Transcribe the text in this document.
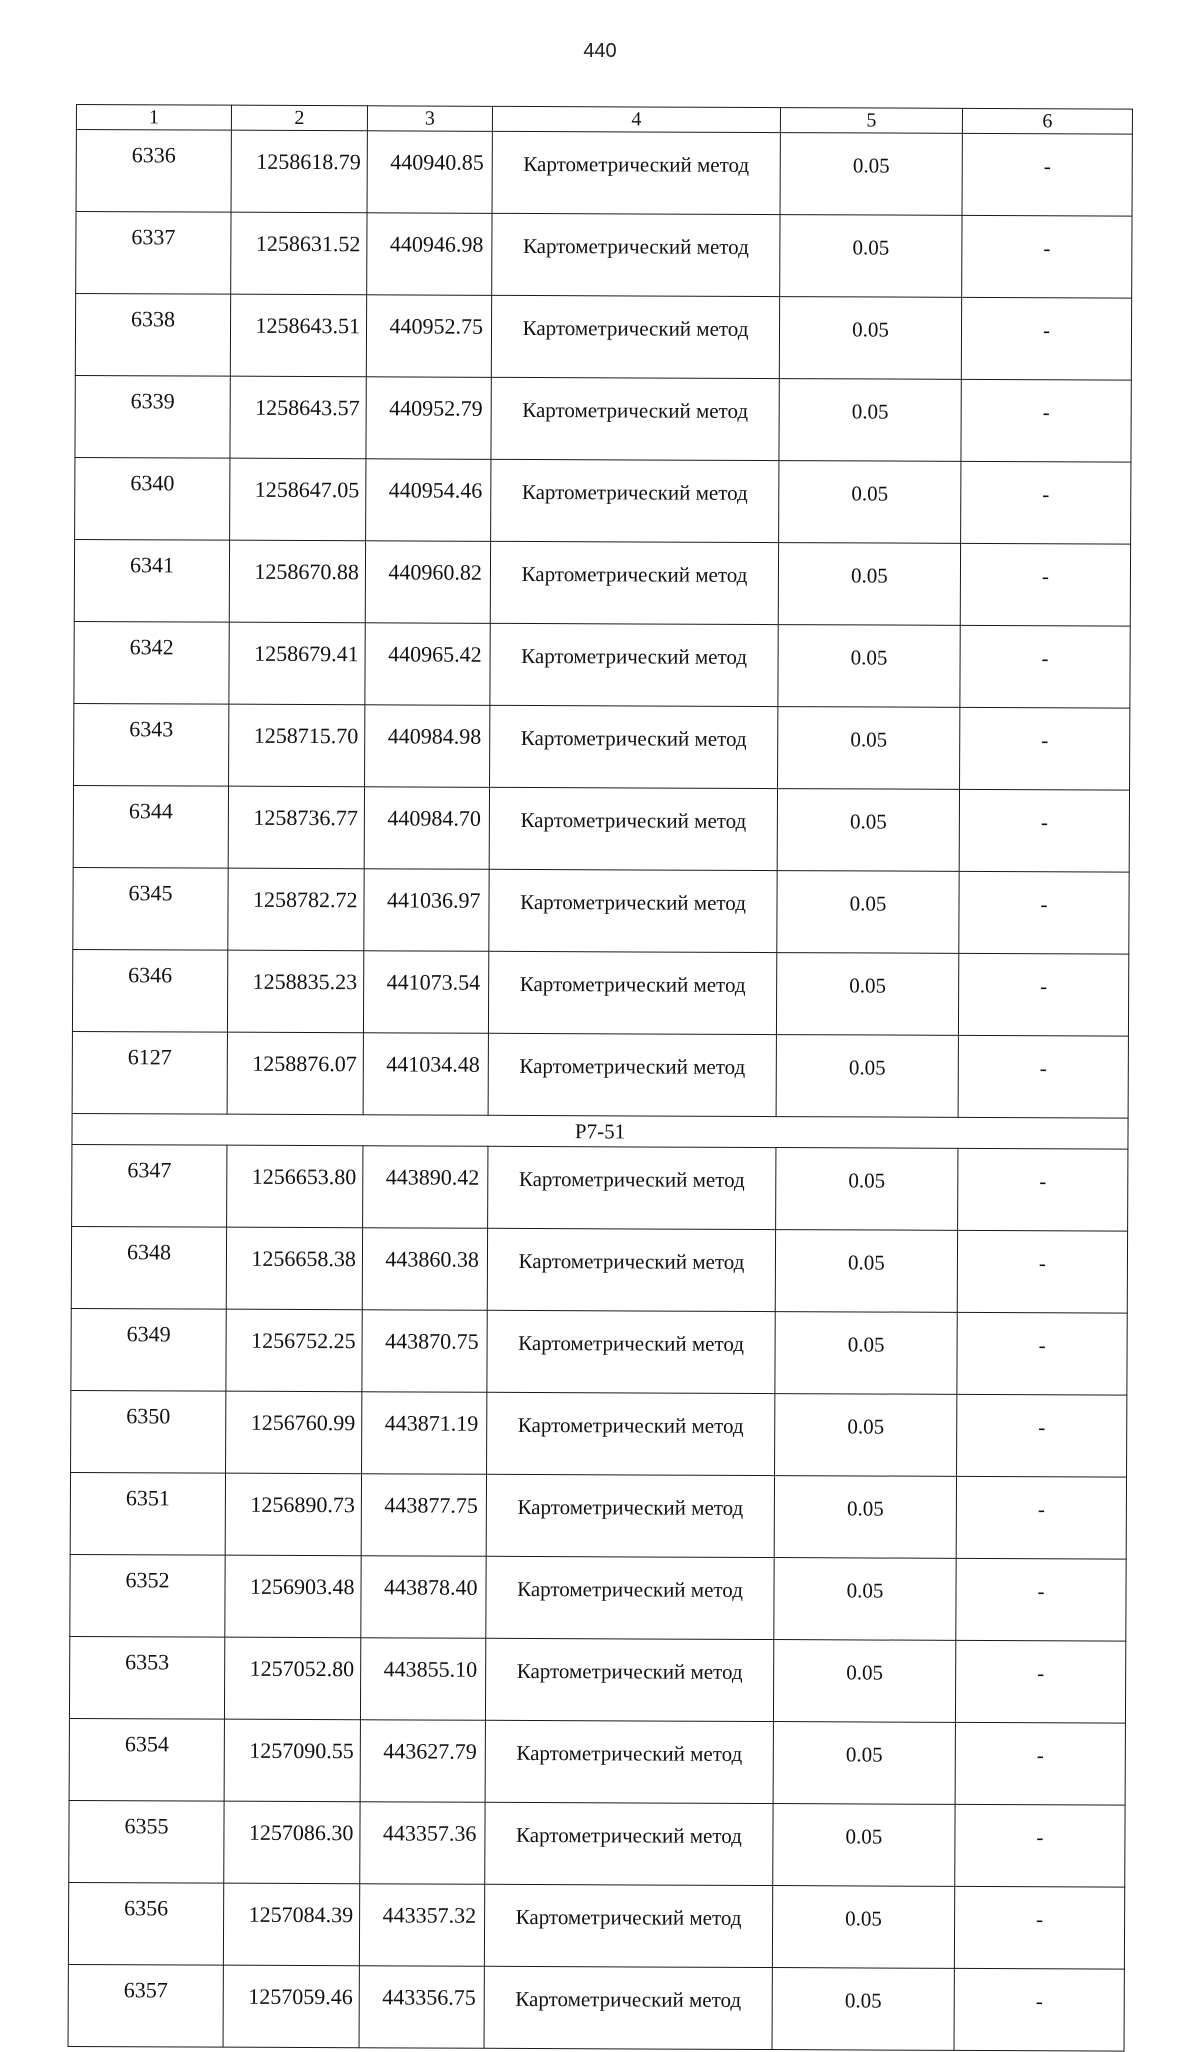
440
1	2	3	4	5	6
6336	1258618.79	440940.85	Картометрический метод	0.05	-
6337	1258631.52	440946.98	Картометрический метод	0.05	-
6338	1258643.51	440952.75	Картометрический метод	0.05	-
6339	1258643.57	440952.79	Картометрический метод	0.05	-
6340	1258647.05	440954.46	Картометрический метод	0.05	-
6341	1258670.88	440960.82	Картометрический метод	0.05	-
6342	1258679.41	440965.42	Картометрический метод	0.05	-
6343	1258715.70	440984.98	Картометрический метод	0.05	-
6344	1258736.77	440984.70	Картометрический метод	0.05	-
6345	1258782.72	441036.97	Картометрический метод	0.05	-
6346	1258835.23	441073.54	Картометрический метод	0.05	-
6127	1258876.07	441034.48	Картометрический метод	0.05	-
P7-51					
6347	1256653.80	443890.42	Картометрический метод	0.05	-
6348	1256658.38	443860.38	Картометрический метод	0.05	-
6349	1256752.25	443870.75	Картометрический метод	0.05	-
6350	1256760.99	443871.19	Картометрический метод	0.05	-
6351	1256890.73	443877.75	Картометрический метод	0.05	-
6352	1256903.48	443878.40	Картометрический метод	0.05	-
6353	1257052.80	443855.10	Картометрический метод	0.05	-
6354	1257090.55	443627.79	Картометрический метод	0.05	-
6355	1257086.30	443357.36	Картометрический метод	0.05	-
6356	1257084.39	443357.32	Картометрический метод	0.05	-
6357	1257059.46	443356.75	Картометрический метод	0.05	-
